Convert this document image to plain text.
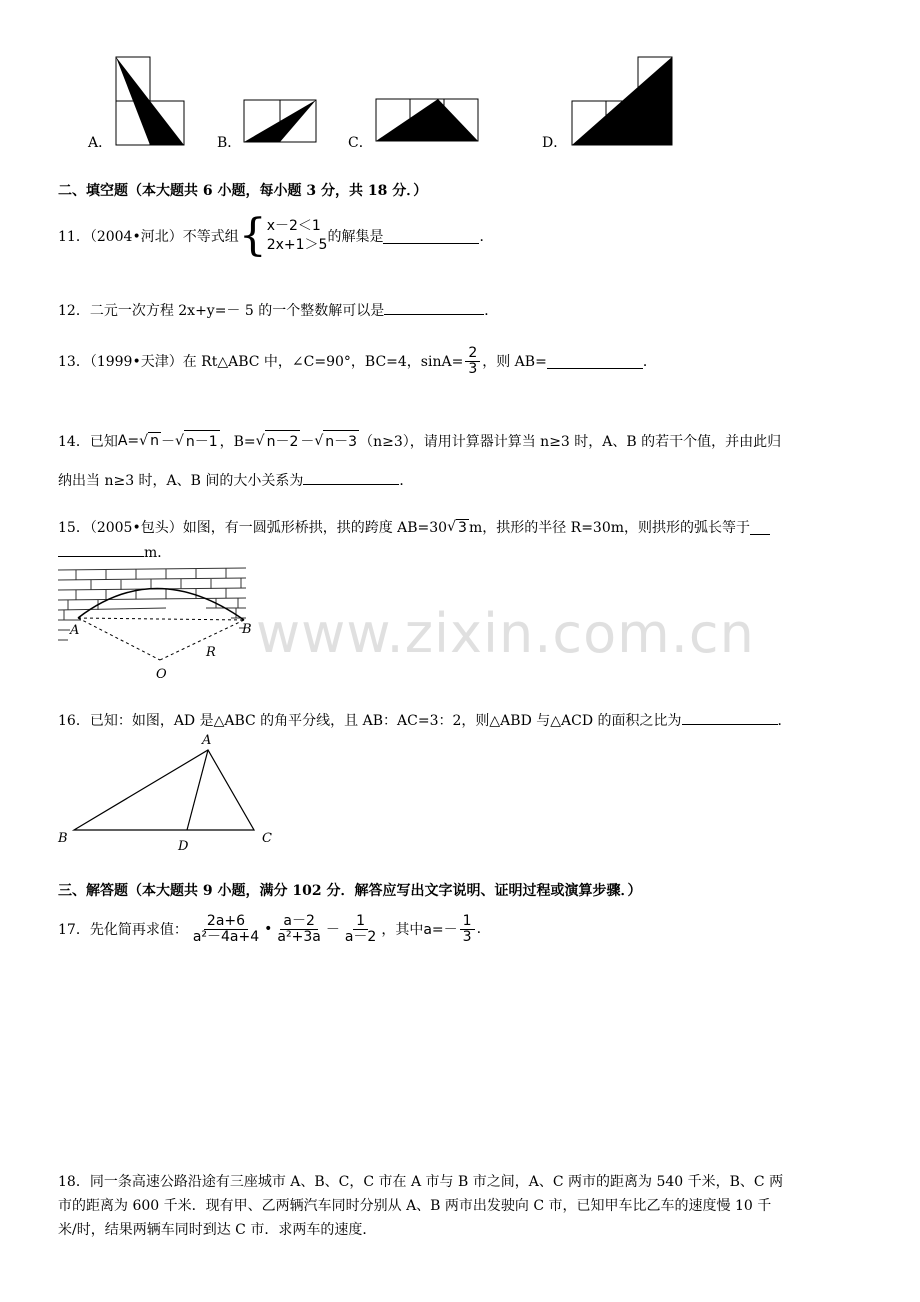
www.zixin.com.cn
A．	B．	C．	D．
二、填空题（本大题共 6 小题，每小题 3 分，共 18 分．）
11．（2004•河北）不等式组 { x－2＜1
2x+1＞5 的解集是	．
12．二元一次方程 2x+y=－ 5 的一个整数解可以是	．
13．（1999•天津）在 Rt△ABC 中，∠C=90°，BC=4，$\sin A= \frac{2}{3}$ ，则 AB=	．
14．已知 A= √ n － √ n－1 ，B= √ n－2 － √ n－3 （n≥3），请用计算器计算当 n≥3 时，A、B 的若干个值，并由此归
纳出当 n≥3 时，A、B 间的大小关系为	．
15．（2005•包头）如图，有一圆弧形桥拱，拱的跨度 AB=30 √ 3 m，拱形的半径 R=30m，则拱形的弧长等于
m．
A	B
R
O
16．已知：如图，AD 是△ABC 的角平分线，且 AB：AC=3：2，则△ABD 与△ACD 的面积之比为	．
A
B	C
D
三、解答题（本大题共 9 小题，满分 102 分．解答应写出文字说明、证明过程或演算步骤．）
17．先化简再求值： $\frac{2a+6}{\text{a²－4a+4}}$ • $\frac{a-2}{\text{a²+3a}} - \frac{1}{a-2}$ ，其中 $a=- \frac{1}{3}$ .
18．同一条高速公路沿途有三座城市 A、B、C，C 市在 A 市与 B 市之间，A、C 两市的距离为 540 千米，B、C 两
市的距离为 600 千米．现有甲、乙两辆汽车同时分别从 A、B 两市出发驶向 C 市，已知甲车比乙车的速度慢 10 千
米/时，结果两辆车同时到达 C 市．求两车的速度．
